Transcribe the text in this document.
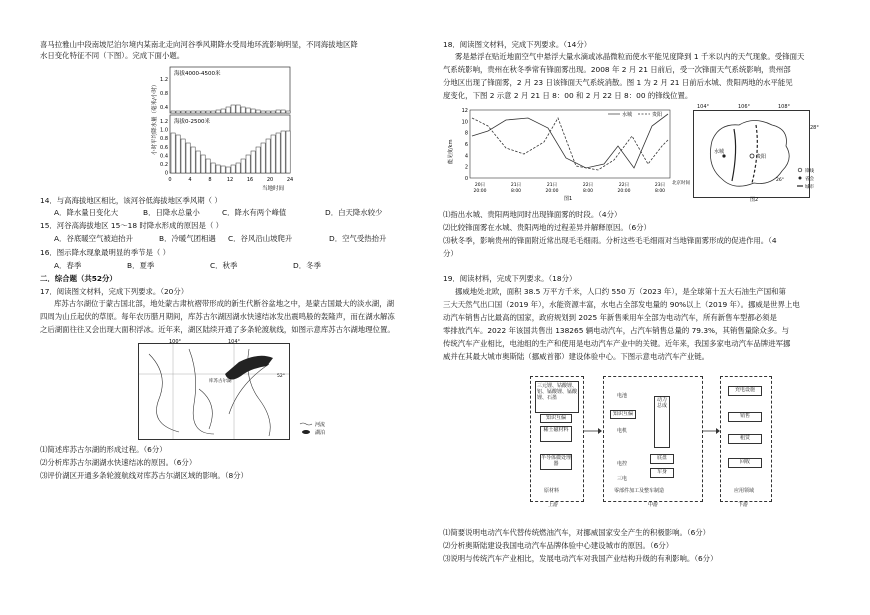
喜马拉雅山中段南坡尼泊尔境内某南北走向河谷季风期降水受局地环流影响明显，不同海拔地区降
水日变化特征不同（下图）。完成下面小题。
小时平均降水量（毫米/小时）
海拔4000-4500米
1.2
0.8
0.4
海拔0-2500米
1.2
1.0
0.8
0.6
0.4
0.2
0
0	4	8	12	16	20	24
当地时间
14．与高海拔地区相比，该河谷低海拔地区季风期（ ）
A．降水量日变化大	B．日降水总量小	C．降水有两个峰值	D．白天降水较少
15．河谷高海拔地区 15～18 时降水形成的原因是（ ）
A．谷底暖空气被迫抬升	B．冷暖气团相遇 C．谷风沿山坡爬升	D．空气受热抬升
16．图示降水现象最明显的季节是（ ）
A．春季	B．夏季	C．秋季	D．冬季
二．综合题（共52分）
17．阅读图文材料，完成下列要求。（20分）
库苏古尔湖位于蒙古国北部，地处蒙古肃杭褶带形成的新生代断谷盆地之中，是蒙古国最大的淡水湖，湖
四周为山丘起伏的草原。每年农历腊月期间，库苏古尔湖因湖水快速结冰发出震鸣般的轰隆声，而在湖水解冻
之后湖面往往又会出现大面积浮冰。近年来，湖区陆续开通了多条轮渡航线，如图示意库苏古尔湖地理位置。
100°
库苏古尔湖
52°
104°
河流
湖泊
⑴简述库苏古尔湖的形成过程。（6分）
⑵分析库苏古尔湖湖水快速结冰的原因。（6分）
⑶评价湖区开通多条轮渡航线对库苏古尔湖区域的影响。（8分）
18．阅读图文材料，完成下列要求。（14分）
雾是悬浮在贴近地面空气中悬浮大量水滴或冰晶微粒而使水平能见度降到 1 千米以内的天气现象。受锋面天
气系统影响，贵州在秋冬季常有锋面雾出现。2008 年 2 月 21 日前后，受一次锋面天气系统影响，贵州部
分地区出现了锋面雾，2 月 23 日该锋面天气系统消散。图 1 为 2 月 21 日前后水城、贵阳两地的水平能见
度变化，下图 2 示意 2 月 21 日 8：00 和 2 月 22 日 8：00 的锋线位置。
能见度/km
12
10
8
6
4
2
0
20日
20:00
21日
8:00
21日
20:00
22日
8:00
22日
20:00
23日
8:00
水城	贵阳
北京时间
图1
水城
贵阳
26°
104°	106°	108°
28°
锋线
省会
城市
图2
⑴指出水城、贵阳两地同时出现锋面雾的时段。（4分）
⑵比较锋面雾在水城、贵阳两地的过程差异并解释原因。（6分）
⑶秋冬季，影响贵州的锋面附近常出现毛毛细雨。分析这些毛毛细雨对当地锋面雾形成的促进作用。（4
分）
19．阅读材料，完成下列要求。（18分）
挪威地处北欧，面积 38.5 万平方千米，人口约 550 万（2023 年），是全球第十五大石油生产国和第
三大天然气出口国（2019 年），水能资源丰富，水电占全部发电量的 90%以上（2019 年）。挪威是世界上电
动汽车销售占比最高的国家，政府规划到 2025 年新售乘用车全部为电动汽车，所有新售车型都必须是
零排放汽车。2022 年该国共售出 138265 辆电动汽车，占汽车销售总量的 79.3%，其销售量除众多。与
传统汽车产业相比，电池组的生产和使用是电动汽车产业中的关键。近年来，我国多家电动汽车品牌进军挪
威并在其最大城市奥斯陆（挪威首都）建设体验中心。下图示意电动汽车产业链。
三元锂、钴酸锂、铝、锰酸锂、锰酸锂、石墨
知识互偏
稀土磁材料
半导体微处理器
原材料
上游
电池
电机
电控
知识互偏
三电
动力总成
底盘
车身
零部件加工及整车制造
中游
充电设施
销售
租赁
回收
应用领域
下游
⑴简要说明电动汽车代替传统燃油汽车，对挪威国家安全产生的积极影响。（6分）
⑵分析奥斯陆建设我国电动汽车品牌体验中心建设城市的原因。（6分）
⑶说明与传统汽车产业相比，发展电动汽车对我国产业结构升级的有利影响。（6分）
